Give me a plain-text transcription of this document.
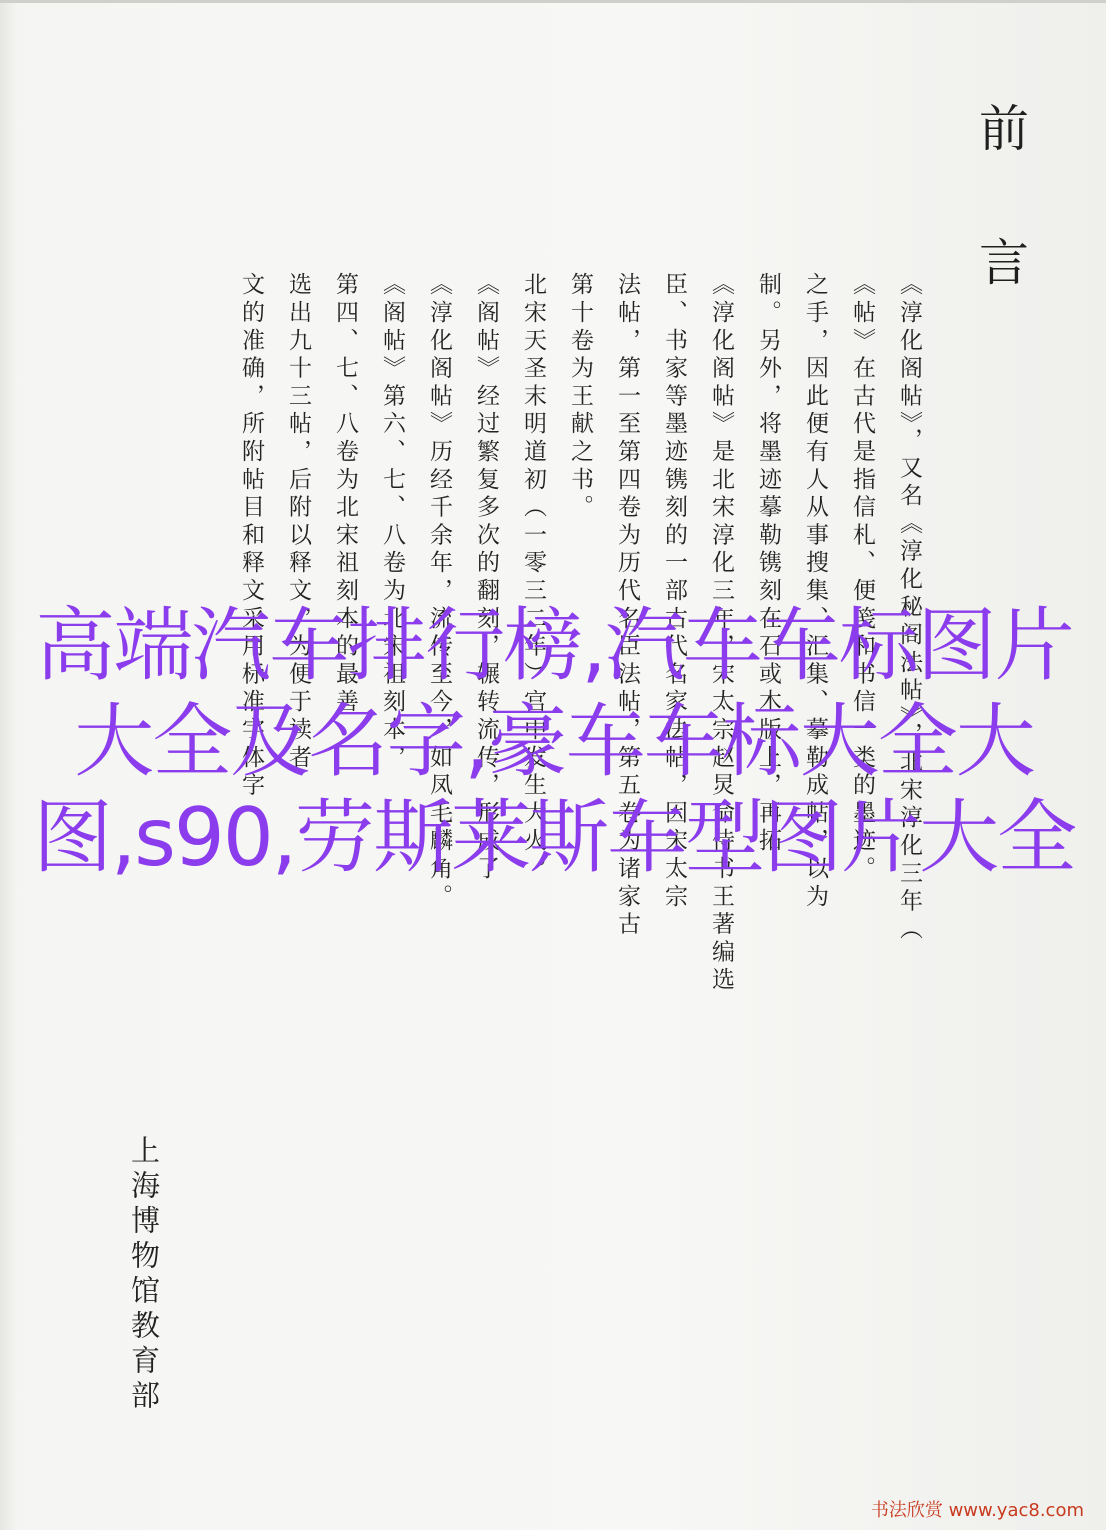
前
言
《淳化阁帖》，又名《淳化秘阁法帖》，北宋淳化三年（
《帖》在古代是指信札、便笺和书信一类的墨迹。
之手，因此便有人从事搜集、汇集、摹勒成帖，以为
制。另外，将墨迹摹勒镌刻在石或木版上，再拓
《淳化阁帖》是北宋淳化三年，宋太宗赵炅命侍书王著编选
臣、书家等墨迹镌刻的一部古代名家法帖，因宋太宗
法帖，第一至第四卷为历代名臣法帖，第五卷为诸家古
第十卷为王献之书。
北宋天圣末明道初（一零三二年）宫中发生大火，
《阁帖》经过繁复多次的翻刻，辗转流传，形成了
《淳化阁帖》历经千余年，流传至今，如凤毛麟角。
《阁帖》第六、七、八卷为北宋祖刻本，
第四、七、八卷为北宋祖刻本的最善
选出九十三帖，后附以释文，为便于读者
文的准确，所附帖目和释文采用标准字体字
上海博物馆教育部
高端汽车排行榜,汽车车标图片大全及名字,豪车车标大全大图,s90,劳斯莱斯车型图片大全
书法欣赏 www.yac8.com
